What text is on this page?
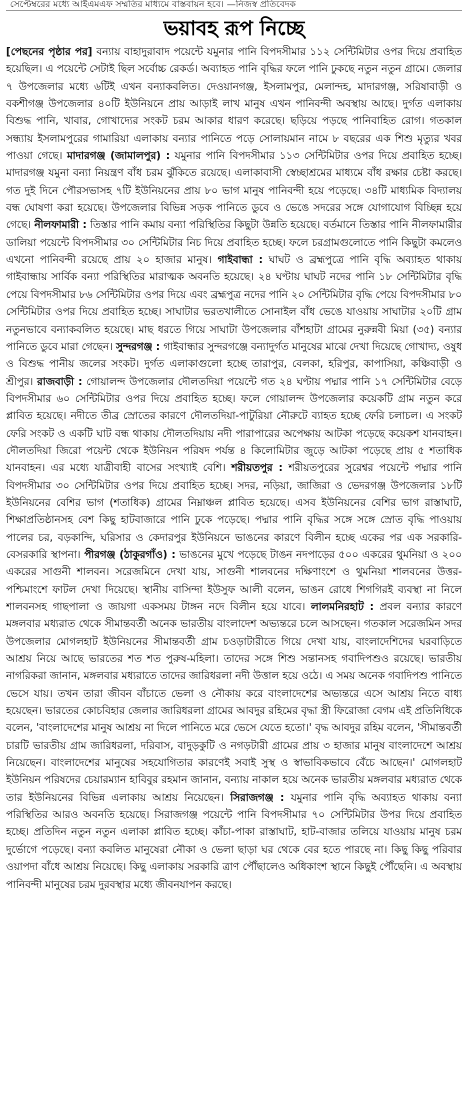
সেপ্টেম্বরের মধ্যে আইএমএফ সম্মতির মাধ্যমে বাস্তবায়ন হবে। —নিজস্ব প্রতিবেদক
ভয়াবহ রূপ নিচ্ছে

[পেছনের পৃষ্ঠার পর] বন্যায় বাহাদুরাবাদ পয়েন্টে যমুনার পানি বিপদসীমার ১১২ সেন্টিমিটার ওপর দিয়ে প্রবাহিত হয়েছিল। এ পয়েন্টে সেটাই ছিল সর্বোচ্চ রেকর্ড। অব্যাহত পানি বৃদ্ধির ফলে পানি ঢুকছে নতুন নতুন গ্রামে। জেলার ৭ উপজেলার মধ্যে ৬টিই এখন বন্যাকবলিত। দেওয়ানগঞ্জ, ইসলামপুর, মেলান্দহ, মাদারগঞ্জ, সরিষাবাড়ী ও বকশীগঞ্জ উপজেলার ৪০টি ইউনিয়নে প্রায় আড়াই লাখ মানুষ এখন পানিবন্দী অবস্থায় আছে। দুর্গত এলাকায় বিশুদ্ধ পানি, খাবার, গোখাদ্যের সংকট চরম আকার ধারণ করেছে। ছড়িয়ে পড়ছে পানিবাহিত রোগ। গতকাল সন্ধ্যায় ইসলামপুরের গামারিয়া এলাকায় বন্যার পানিতে পড়ে সোলায়মান নামে ৮ বছরের এক শিশু মৃত্যুর খবর পাওয়া গেছে। মাদারগঞ্জ (জামালপুর) : যমুনার পানি বিপদসীমার ১১৩ সেন্টিমিটার ওপর দিয়ে প্রবাহিত হচ্ছে। মাদারগঞ্জ যমুনা বন্যা নিয়ন্ত্রণ বাঁধ চরম ঝুঁকিতে রয়েছে। এলাকাবাসী স্বেচ্ছাশ্রমের মাধ্যমে বাঁধ রক্ষার চেষ্টা করছে। গত দুই দিনে পৌরসভাসহ ৭টি ইউনিয়নের প্রায় ৮০ ভাগ মানুষ পানিবন্দী হয়ে পড়েছে। ৩৪টি মাধ্যমিক বিদ্যালয় বন্ধ ঘোষণা করা হয়েছে। উপজেলার বিভিন্ন সড়ক পানিতে ডুবে ও ভেঙে সদরের সঙ্গে যোগাযোগ বিচ্ছিন্ন হয়ে গেছে। নীলফামারী : তিস্তার পানি কমায় বন্যা পরিস্থিতির কিছুটা উন্নতি হয়েছে। বর্তমানে তিস্তার পানি নীলফামারীর ডালিয়া পয়েন্টে বিপদসীমার ৩০ সেন্টিমিটার নিচ দিয়ে প্রবাহিত হচ্ছে। ফলে চরগ্রামগুলোতে পানি কিছুটা কমলেও এখনো পানিবন্দী রয়েছে প্রায় ২০ হাজার মানুষ। গাইবান্ধা : ঘাঘট ও ব্রহ্মপুত্রে পানি বৃদ্ধি অব্যাহত থাকায় গাইবান্ধায় সার্বিক বন্যা পরিস্থিতির মারাত্মক অবনতি হয়েছে। ২৪ ঘণ্টায় ঘাঘট নদের পানি ১৮ সেন্টিমিটার বৃদ্ধি পেয়ে বিপদসীমার ৮৬ সেন্টিমিটার ওপর দিয়ে এবং ব্রহ্মপুত্র নদের পানি ২০ সেন্টিমিটার বৃদ্ধি পেয়ে বিপদসীমার ৮০ সেন্টিমিটার ওপর দিয়ে প্রবাহিত হচ্ছে। সাঘাটার ভরতখালীতে সোনাইল বাঁধ ভেঙে যাওয়ায় সাঘাটার ২০টি গ্রাম নতুনভাবে বন্যাকবলিত হয়েছে। মাছ ধরতে গিয়ে সাঘাটা উপজেলার বাঁশহাটা গ্রামের নুরুন্নবী মিয়া (৩৫) বন্যার পানিতে ডুবে মারা গেছেন। সুন্দরগঞ্জ : গাইবান্ধার সুন্দরগঞ্জে বন্যাদুর্গত মানুষের মাঝে দেখা দিয়েছে গোখাদ্য, ওষুধ ও বিশুদ্ধ পানীয় জলের সংকট। দুর্গত এলাকাগুলো হচ্ছে তারাপুর, বেলকা, হরিপুর, কাপাসিয়া, কঞ্চিবাড়ী ও শ্রীপুর। রাজবাড়ী : গোয়ালন্দ উপজেলার দৌলতদিয়া পয়েন্টে গত ২৪ ঘণ্টায় পদ্মার পানি ১৭ সেন্টিমিটার বেড়ে বিপদসীমার ৬০ সেন্টিমিটার ওপর দিয়ে প্রবাহিত হচ্ছে। ফলে গোয়ালন্দ উপজেলার কয়েকটি গ্রাম নতুন করে প্লাবিত হয়েছে। নদীতে তীব্র স্রোতের কারণে দৌলতদিয়া-পাটুরিয়া নৌরুটে ব্যাহত হচ্ছে ফেরি চলাচল। এ সংকট ফেরি সংকট ও একটি ঘাট বন্ধ থাকায় দৌলতদিয়ায় নদী পারাপারের অপেক্ষায় আটকা পড়েছে কয়েকশ যানবাহন। দৌলতদিয়া জিরো পয়েন্ট থেকে ইউনিয়ন পরিষদ পর্যন্ত ৪ কিলোমিটার জুড়ে আটকা পড়েছে প্রায় ৫ শতাধিক যানবাহন। এর মধ্যে যাত্রীবাহী বাসের সংখ্যাই বেশি। শরীয়তপুর : শরীয়তপুরের সুরেশ্বর পয়েন্টে পদ্মার পানি বিপদসীমার ৩০ সেন্টিমিটার ওপর দিয়ে প্রবাহিত হচ্ছে। সদর, নড়িয়া, জাজিরা ও ভেদরগঞ্জ উপজেলার ১৮টি ইউনিয়নের বেশির ভাগ (শতাধিক) গ্রামের নিম্নাঞ্চল প্লাবিত হয়েছে। এসব ইউনিয়নের বেশির ভাগ রাস্তাঘাট, শিক্ষাপ্রতিষ্ঠানসহ বেশ কিছু হাটবাজারে পানি ঢুকে পড়েছে। পদ্মার পানি বৃদ্ধির সঙ্গে সঙ্গে স্রোত বৃদ্ধি পাওয়ায় পালের চর, বড়কান্দি, ঘরিসার ও কেদারপুর ইউনিয়নে ভাঙনের কারণে বিলীন হচ্ছে একের পর এক সরকারি-বেসরকারি স্থাপনা। পীরগঞ্জ (ঠাকুরগাঁও) : ভাঙনের মুখে পড়েছে টাঙন নদপাড়ের ৫০০ একরের থুমনিয়া ও ২০০ একরের সাগুনী শালবন। সরেজমিনে দেখা যায়, সাগুনী শালবনের দক্ষিণাংশে ও থুমনিয়া শালবনের উত্তর-পশ্চিমাংশে ফাটল দেখা দিয়েছে। স্থানীয় বাসিন্দা ইউসুফ আলী বলেন, ভাঙন রোধে শিগগিরই ব্যবস্থা না নিলে শালবনসহ গাছপালা ও জায়গা একসময় টাঙ্গন নদে বিলীন হয়ে যাবে। লালমনিরহাট : প্রবল বন্যার কারণে মঙ্গলবার মধ্যরাত থেকে সীমান্তবর্তী অনেক ভারতীয় বাংলাদেশ অভ্যন্তরে চলে আসছেন। গতকাল সরেজমিন সদর উপজেলার মোগলহাট ইউনিয়নের সীমান্তবর্তী গ্রাম চওড়াটারীতে গিয়ে দেখা যায়, বাংলাদেশিদের ঘরবাড়িতে আশ্রয় নিয়ে আছে ভারতের শত শত পুরুষ-মহিলা। তাদের সঙ্গে শিশু সন্তানসহ গবাদিপশুও রয়েছে। ভারতীয় নাগরিকরা জানান, মঙ্গলবার মধ্যরাতে তাদের জারিধরলা নদী উত্তাল হয়ে ওঠে। এ সময় অনেক গবাদিপশু পানিতে ভেসে যায়। তখন তারা জীবন বাঁচাতে ভেলা ও নৌকায় করে বাংলাদেশের অভ্যন্তরে এসে আশ্রয় নিতে বাধ্য হয়েছেন। ভারতের কোচবিহার জেলার জারিধরলা গ্রামের আবদুর রহিমের বৃদ্ধা স্ত্রী ফিরোজা বেগম এই প্রতিনিধিকে বলেন, 'বাংলাদেশের মানুষ আশ্রয় না দিলে পানিতে মরে ভেসে যেতে হতো।' বৃদ্ধ আবদুর রহিম বলেন, 'সীমান্তবর্তী চারটি ভারতীয় গ্রাম জারিধরলা, দরিবাস, বাদুড়কুটি ও নগড়টারী গ্রামের প্রায় ৩ হাজার মানুষ বাংলাদেশে আশ্রয় নিয়েছেন। বাংলাদেশের মানুষের সহযোগিতার কারণেই সবাই সুস্থ ও স্বাভাবিকভাবে বেঁচে আছেন।' মোগলহাট ইউনিয়ন পরিষদের চেয়ারম্যান হাবিবুর রহমান জানান, বন্যায় নাকাল হয়ে অনেক ভারতীয় মঙ্গলবার মধ্যরাত থেকে তার ইউনিয়নের বিভিন্ন এলাকায় আশ্রয় নিয়েছেন। সিরাজগঞ্জ : যমুনার পানি বৃদ্ধি অব্যাহত থাকায় বন্যা পরিস্থিতির আরও অবনতি হয়েছে। সিরাজগঞ্জ পয়েন্টে পানি বিপদসীমার ৭০ সেন্টিমিটার উপর দিয়ে প্রবাহিত হচ্ছে। প্রতিদিন নতুন নতুন এলাকা প্লাবিত হচ্ছে। কাঁচা-পাকা রাস্তাঘাট, হাট-বাজার তলিয়ে যাওয়ায় মানুষ চরম দুর্ভোগে পড়েছে। বন্যা কবলিত মানুষেরা নৌকা ও ভেলা ছাড়া ঘর থেকে বের হতে পারছে না। কিছু কিছু পরিবার ওয়াপদা বাঁধে আশ্রয় নিয়েছে। কিছু এলাকায় সরকারি ত্রাণ পৌঁছালেও অধিকাংশ স্থানে কিছুই পৌঁছেনি। এ অবস্থায় পানিবন্দী মানুষের চরম দুরবস্থার মধ্যে জীবনযাপন করছে।
